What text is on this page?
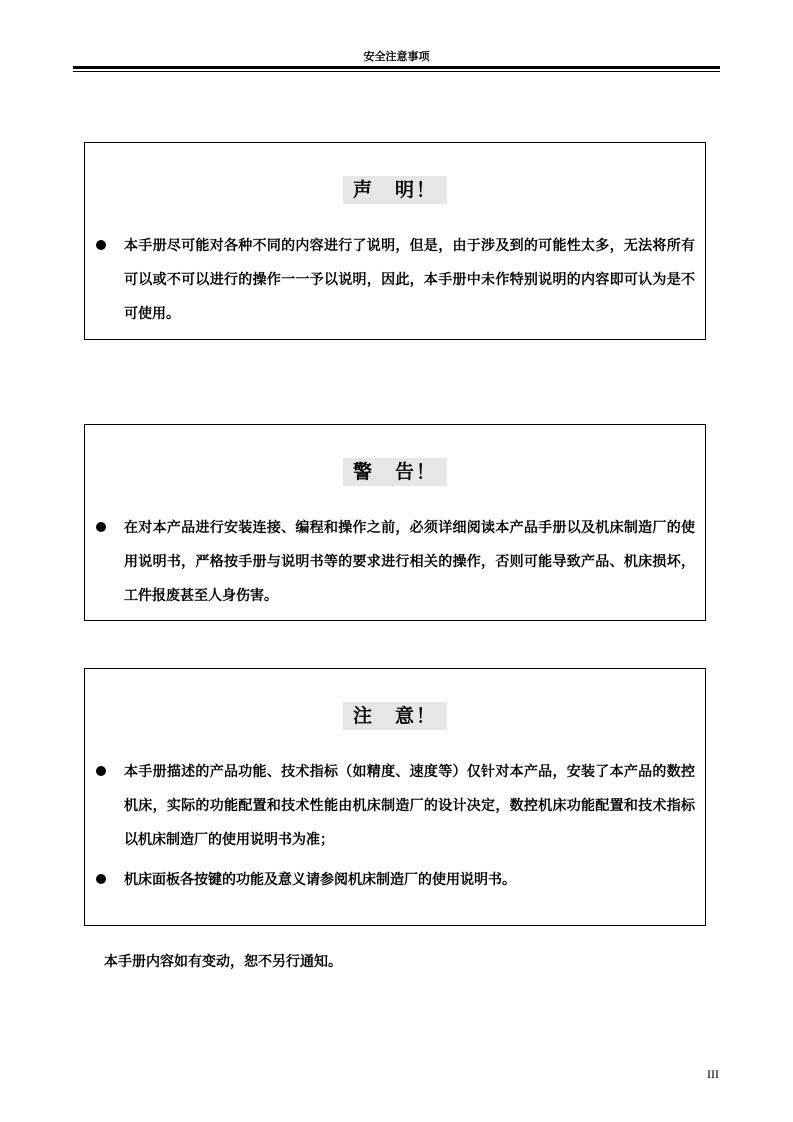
安全注意事项
声　明！
本手册尽可能对各种不同的内容进行了说明，但是，由于涉及到的可能性太多，无法将所有可以或不可以进行的操作一一予以说明，因此，本手册中未作特别说明的内容即可认为是不可使用。
警　告！
在对本产品进行安装连接、编程和操作之前，必须详细阅读本产品手册以及机床制造厂的使用说明书，严格按手册与说明书等的要求进行相关的操作，否则可能导致产品、机床损坏，工件报废甚至人身伤害。
注　意！
本手册描述的产品功能、技术指标（如精度、速度等）仅针对本产品，安装了本产品的数控机床，实际的功能配置和技术性能由机床制造厂的设计决定，数控机床功能配置和技术指标以机床制造厂的使用说明书为准；
机床面板各按键的功能及意义请参阅机床制造厂的使用说明书。
本手册内容如有变动，恕不另行通知。
III
